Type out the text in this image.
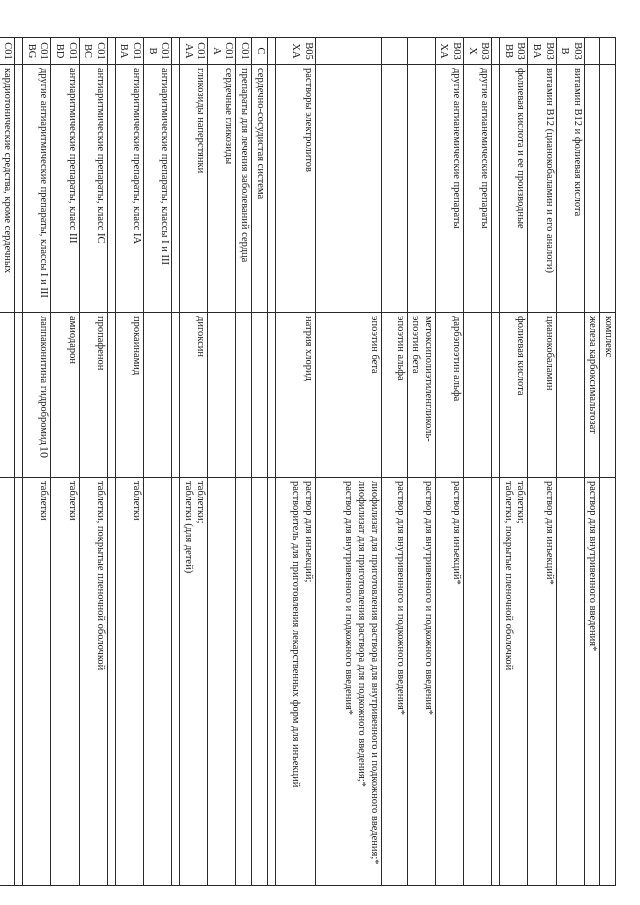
10

		комплекс	

		железа карбоксимальтозат	раствор для внутривенного введения*

B03B	витамин B12 и фолиевая кислота		

B03BA	витамин B12 (цианокобаламин и его аналоги)	цианокобаламин	раствор для инъекций*

B03BB	фолиевая кислота и ее производные	фолиевая кислота	таблетки;
таблетки, покрытые пленочной оболочкой

B03X	другие антианемические препараты		

B03XA	другие антианемические препараты	дарбэпоэтин альфа	раствор для инъекций*

		метоксиполиэтиленгликоль-эпоэтин бета	раствор для внутривенного и подкожного введения*

		эпоэтин альфа	раствор для внутривенного и подкожного введения*

		эпоэтин бета	лиофилизат для приготовления раствора для внутривенного и подкожного введения;*
лиофилизат для приготовления раствора для подкожного введения;*
раствор для внутривенного и подкожного введения*

B05XA	растворы электролитов	натрия хлорид	раствор для инъекций;
растворитель для приготовления лекарственных форм для инъекций

C	сердечно-сосудистая система		

C01	препараты для лечения заболеваний сердца		

C01A	сердечные гликозиды		

C01AA	гликозиды наперстянки	дигоксин	таблетки;
таблетки (для детей)

C01B	антиаритмические препараты, классы I и III		

C01BA	антиаритмические препараты, класс IA	прокаинамид	таблетки

C01BC	антиаритмические препараты, класс IC	пропафенон	таблетки, покрытые пленочной оболочкой

C01BD	антиаритмические препараты, класс III	амиодарон	таблетки

C01BG	другие антиаритмические препараты, классы I и III	лаппаконитина гидробромид	таблетки

C01	кардиотонические средства, кроме сердечных		
